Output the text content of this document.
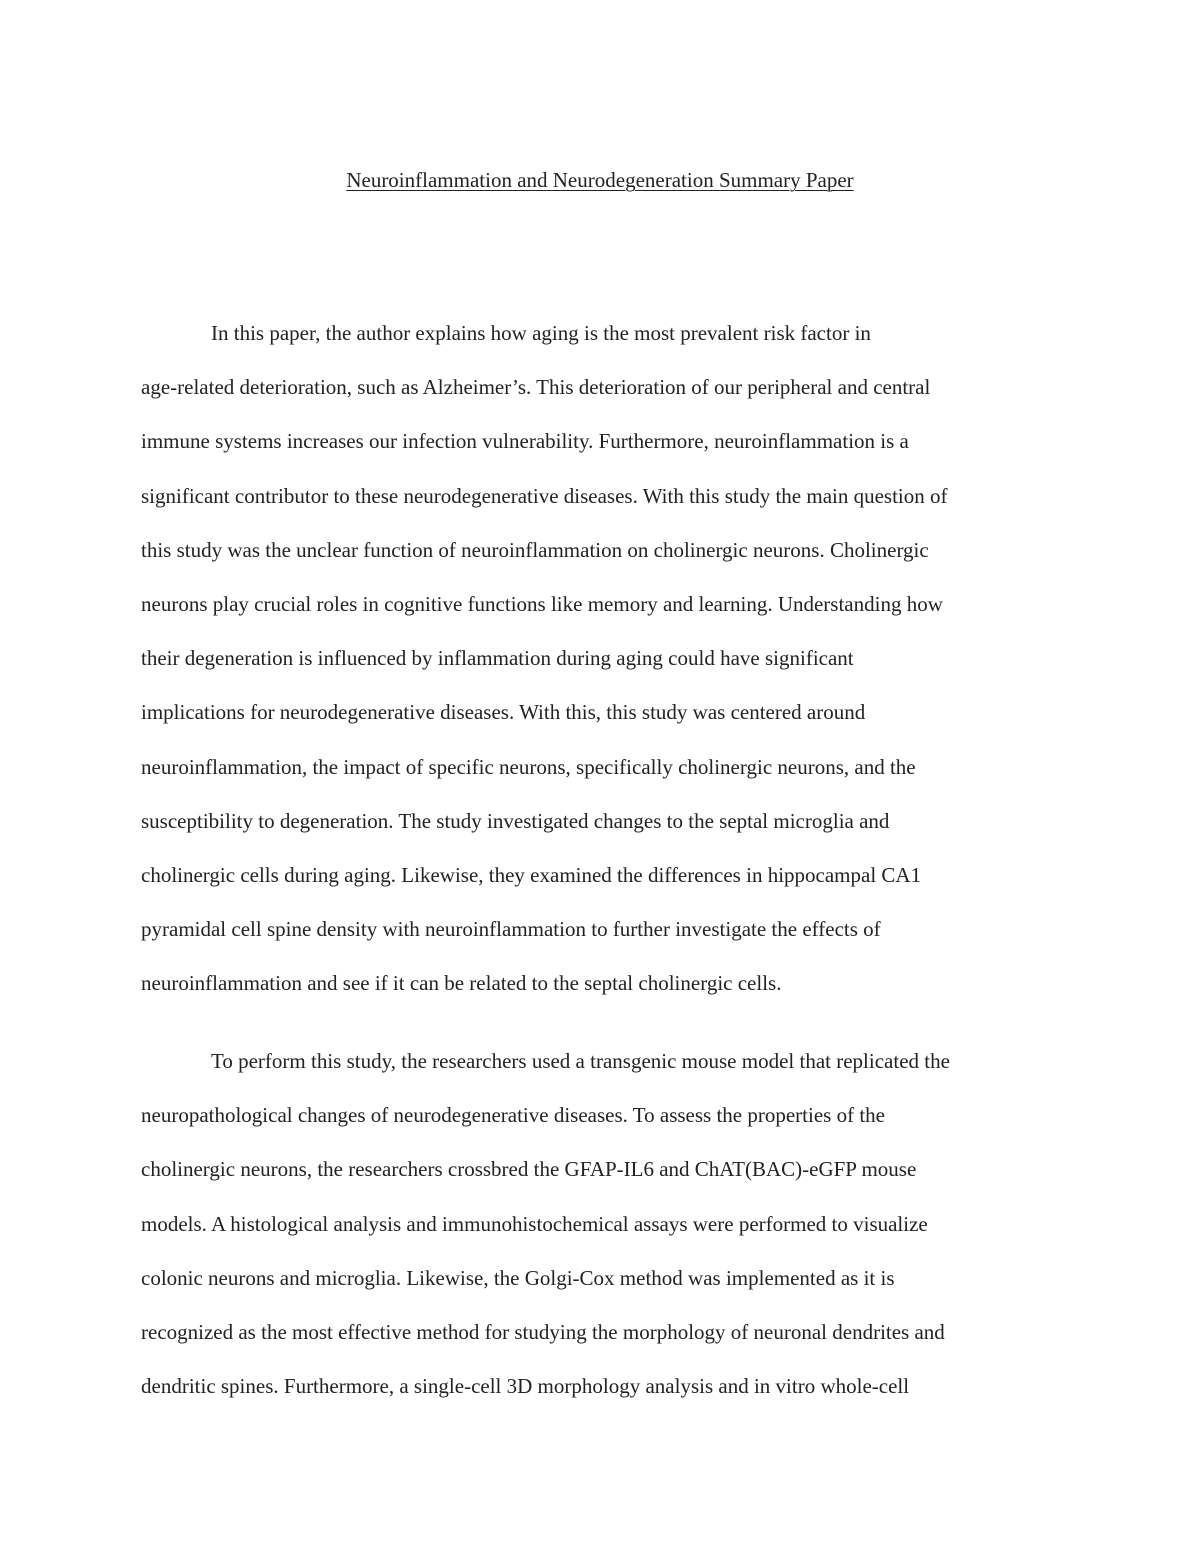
Neuroinflammation and Neurodegeneration Summary Paper
In this paper, the author explains how aging is the most prevalent risk factor in
age-related deterioration, such as Alzheimer’s. This deterioration of our peripheral and central
immune systems increases our infection vulnerability. Furthermore, neuroinflammation is a
significant contributor to these neurodegenerative diseases. With this study the main question of
this study was the unclear function of neuroinflammation on cholinergic neurons. Cholinergic
neurons play crucial roles in cognitive functions like memory and learning. Understanding how
their degeneration is influenced by inflammation during aging could have significant
implications for neurodegenerative diseases. With this, this study was centered around
neuroinflammation, the impact of specific neurons, specifically cholinergic neurons, and the
susceptibility to degeneration. The study investigated changes to the septal microglia and
cholinergic cells during aging. Likewise, they examined the differences in hippocampal CA1
pyramidal cell spine density with neuroinflammation to further investigate the effects of
neuroinflammation and see if it can be related to the septal cholinergic cells.
To perform this study, the researchers used a transgenic mouse model that replicated the
neuropathological changes of neurodegenerative diseases. To assess the properties of the
cholinergic neurons, the researchers crossbred the GFAP-IL6 and ChAT(BAC)-eGFP mouse
models. A histological analysis and immunohistochemical assays were performed to visualize
colonic neurons and microglia. Likewise, the Golgi-Cox method was implemented as it is
recognized as the most effective method for studying the morphology of neuronal dendrites and
dendritic spines. Furthermore, a single-cell 3D morphology analysis and in vitro whole-cell
